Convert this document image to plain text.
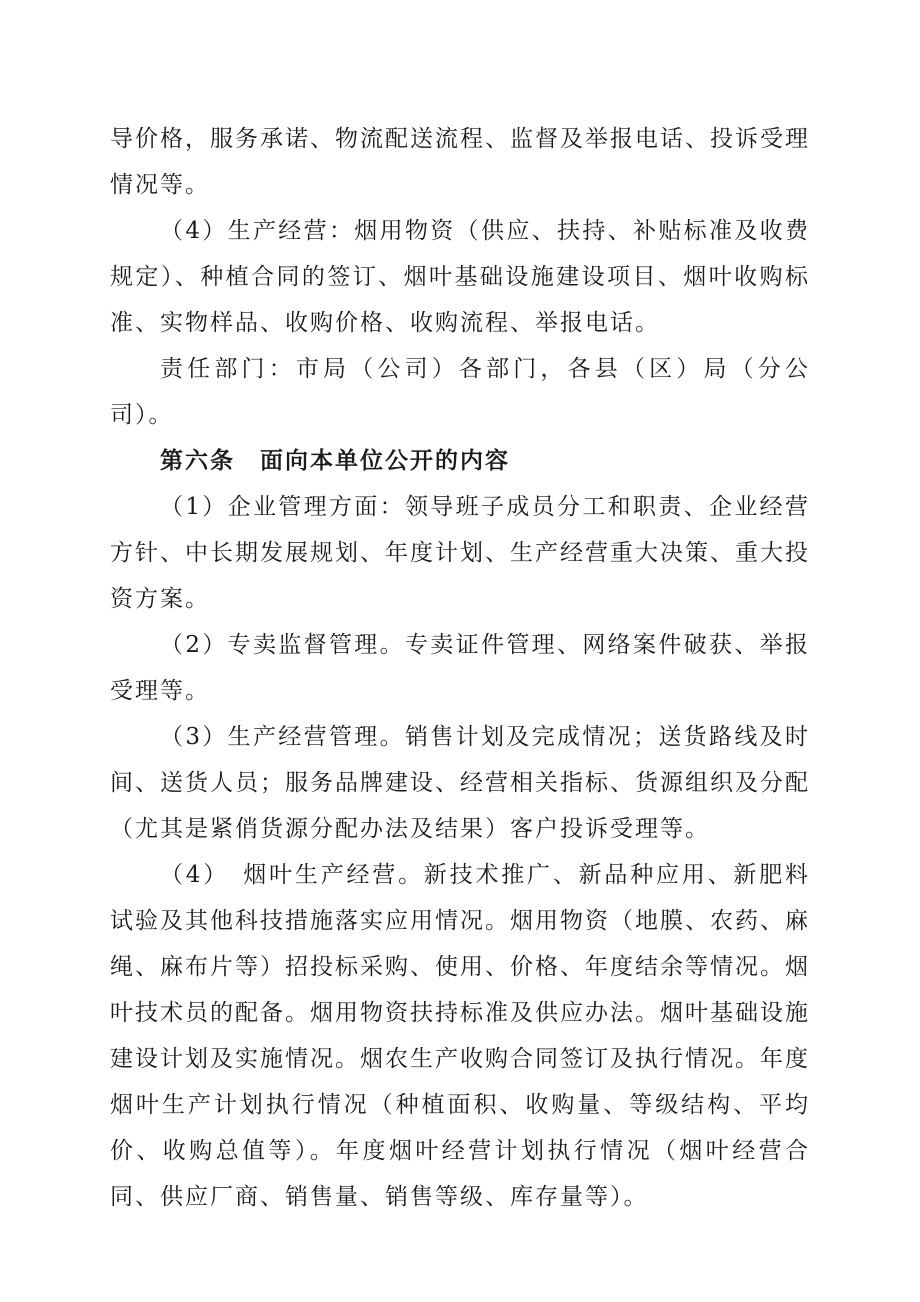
导价格，服务承诺、物流配送流程、监督及举报电话、投诉受理情况等。

（4）生产经营：烟用物资（供应、扶持、补贴标准及收费规定）、种植合同的签订、烟叶基础设施建设项目、烟叶收购标准、实物样品、收购价格、收购流程、举报电话。

责任部门：市局（公司）各部门，各县（区）局（分公司）。

第六条　面向本单位公开的内容

（1）企业管理方面：领导班子成员分工和职责、企业经营方针、中长期发展规划、年度计划、生产经营重大决策、重大投资方案。

（2）专卖监督管理。专卖证件管理、网络案件破获、举报受理等。

（3）生产经营管理。销售计划及完成情况；送货路线及时间、送货人员；服务品牌建设、经营相关指标、货源组织及分配（尤其是紧俏货源分配办法及结果）客户投诉受理等。

（4）　烟叶生产经营。新技术推广、新品种应用、新肥料试验及其他科技措施落实应用情况。烟用物资（地膜、农药、麻绳、麻布片等）招投标采购、使用、价格、年度结余等情况。烟叶技术员的配备。烟用物资扶持标准及供应办法。烟叶基础设施建设计划及实施情况。烟农生产收购合同签订及执行情况。年度烟叶生产计划执行情况（种植面积、收购量、等级结构、平均价、收购总值等）。年度烟叶经营计划执行情况（烟叶经营合同、供应厂商、销售量、销售等级、库存量等）。
